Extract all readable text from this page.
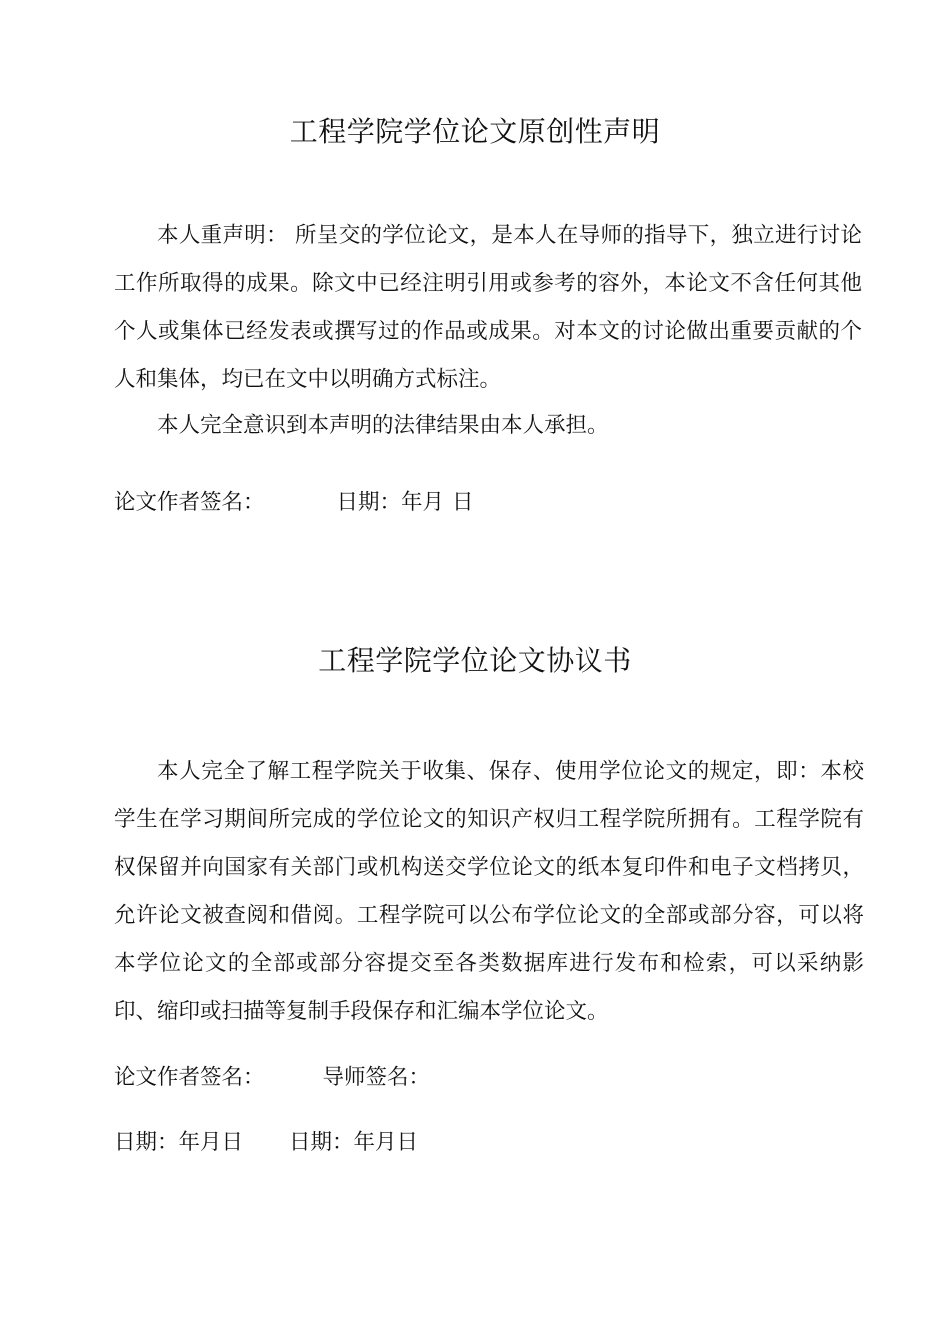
工程学院学位论文原创性声明
本人重声明： 所呈交的学位论文，是本人在导师的指导下，独立进行讨论工作所取得的成果。除文中已经注明引用或参考的容外，本论文不含任何其他个人或集体已经发表或撰写过的作品或成果。对本文的讨论做出重要贡献的个人和集体，均已在文中以明确方式标注。
本人完全意识到本声明的法律结果由本人承担。
论文作者签名：	日期：年月 日
工程学院学位论文协议书
本人完全了解工程学院关于收集、保存、使用学位论文的规定，即：本校学生在学习期间所完成的学位论文的知识产权归工程学院所拥有。工程学院有权保留并向国家有关部门或机构送交学位论文的纸本复印件和电子文档拷贝，允许论文被查阅和借阅。工程学院可以公布学位论文的全部或部分容，可以将本学位论文的全部或部分容提交至各类数据库进行发布和检索，可以采纳影印、缩印或扫描等复制手段保存和汇编本学位论文。
论文作者签名：	导师签名：
日期：年月日 日期：年月日
